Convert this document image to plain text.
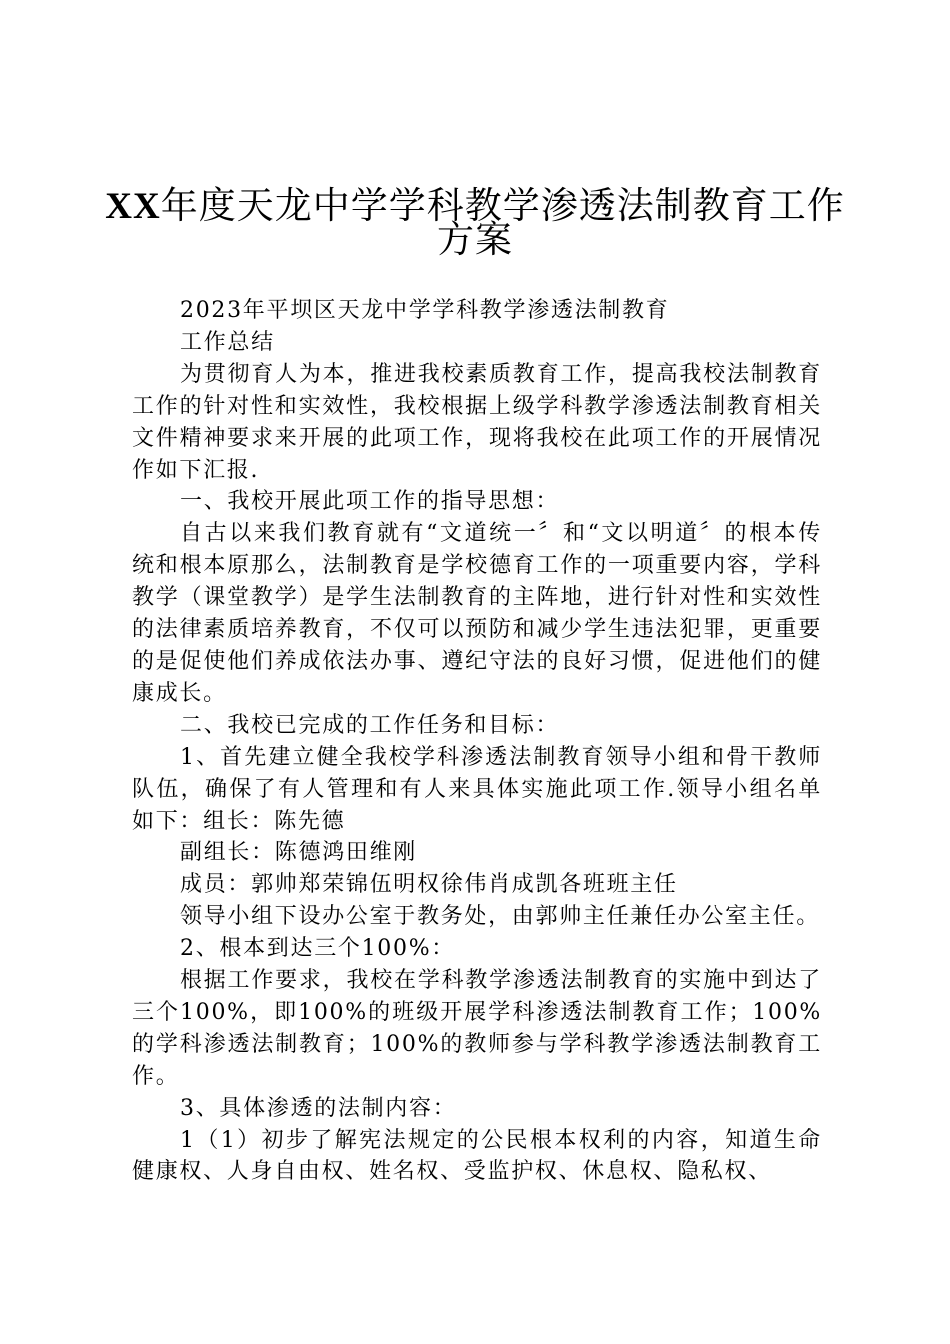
XX年度天龙中学学科教学渗透法制教育工作
方案

2023年平坝区天龙中学学科教学渗透法制教育

工作总结

为贯彻育人为本，推进我校素质教育工作，提高我校法制教育工作的针对性和实效性，我校根据上级学科教学渗透法制教育相关文件精神要求来开展的此项工作，现将我校在此项工作的开展情况作如下汇报.

一、我校开展此项工作的指导思想：

自古以来我们教育就有“文道统一〞和“文以明道〞的根本传统和根本原那么，法制教育是学校德育工作的一项重要内容，学科教学（课堂教学）是学生法制教育的主阵地，进行针对性和实效性的法律素质培养教育，不仅可以预防和减少学生违法犯罪，更重要的是促使他们养成依法办事、遵纪守法的良好习惯，促进他们的健康成长。

二、我校已完成的工作任务和目标：

1、首先建立健全我校学科渗透法制教育领导小组和骨干教师队伍，确保了有人管理和有人来具体实施此项工作.领导小组名单如下：组长：陈先德

副组长：陈德鸿田维刚

成员：郭帅郑荣锦伍明权徐伟肖成凯各班班主任

领导小组下设办公室于教务处，由郭帅主任兼任办公室主任。

2、根本到达三个100%：

根据工作要求，我校在学科教学渗透法制教育的实施中到达了三个100%，即100%的班级开展学科渗透法制教育工作；100%的学科渗透法制教育；100%的教师参与学科教学渗透法制教育工作。

3、具体渗透的法制内容：

1（1）初步了解宪法规定的公民根本权利的内容，知道生命健康权、人身自由权、姓名权、受监护权、休息权、隐私权、
